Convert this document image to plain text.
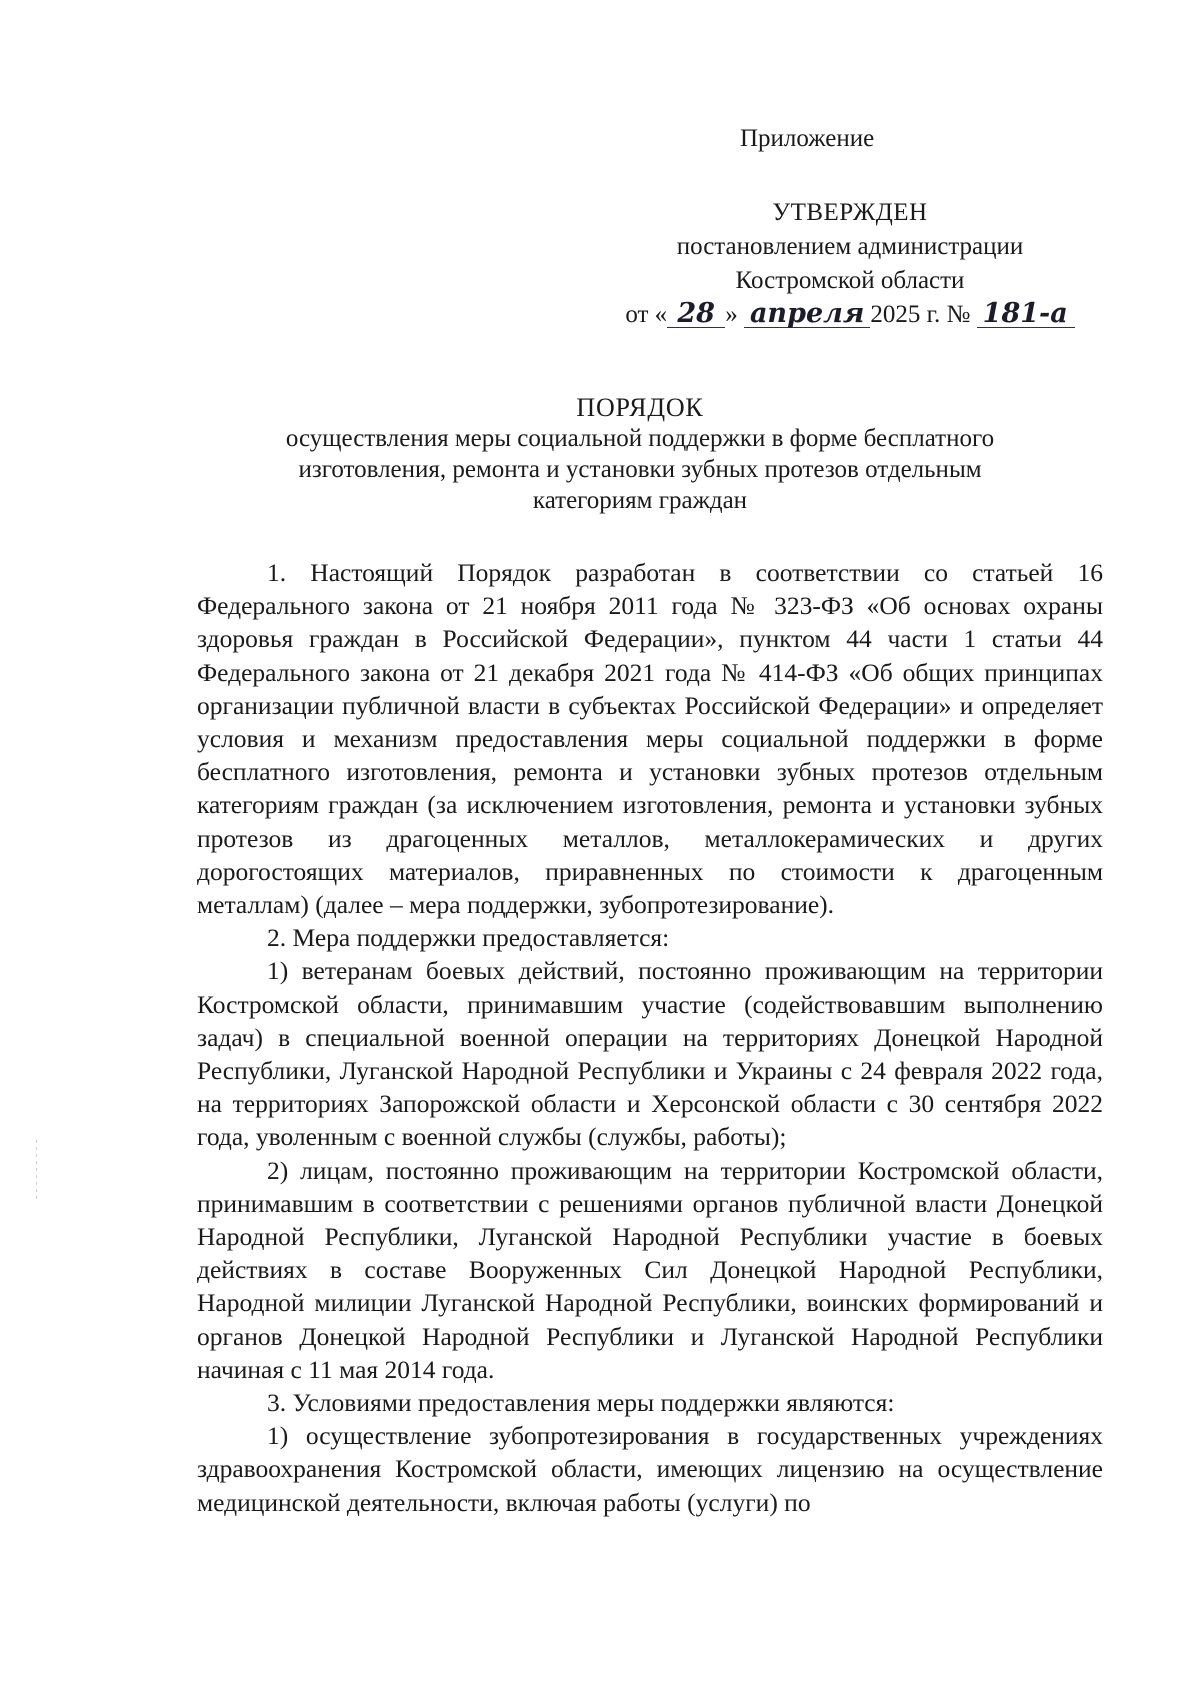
Приложение
УТВЕРЖДЕН
постановлением администрации
Костромской области
от « 28 » апреля 2025 г. № 181-а
ПОРЯДОК
осуществления меры социальной поддержки в форме бесплатного
изготовления, ремонта и установки зубных протезов отдельным
категориям граждан

1. Настоящий Порядок разработан в соответствии со статьей 16 Федерального закона от 21 ноября 2011 года № 323-ФЗ «Об основах охраны здоровья граждан в Российской Федерации», пунктом 44 части 1 статьи 44 Федерального закона от 21 декабря 2021 года № 414-ФЗ «Об общих принципах организации публичной власти в субъектах Российской Федерации» и определяет условия и механизм предоставления меры социальной поддержки в форме бесплатного изготовления, ремонта и установки зубных протезов отдельным категориям граждан (за исключением изготовления, ремонта и установки зубных протезов из драгоценных металлов, металлокерамических и других дорогостоящих материалов, приравненных по стоимости к драгоценным металлам) (далее – мера поддержки, зубопротезирование).

2. Мера поддержки предоставляется:

1) ветеранам боевых действий, постоянно проживающим на территории Костромской области, принимавшим участие (содействовавшим выполнению задач) в специальной военной операции на территориях Донецкой Народной Республики, Луганской Народной Республики и Украины с 24 февраля 2022 года, на территориях Запорожской области и Херсонской области с 30 сентября 2022 года, уволенным с военной службы (службы, работы);

2) лицам, постоянно проживающим на территории Костромской области, принимавшим в соответствии с решениями органов публичной власти Донецкой Народной Республики, Луганской Народной Республики участие в боевых действиях в составе Вооруженных Сил Донецкой Народной Республики, Народной милиции Луганской Народной Республики, воинских формирований и органов Донецкой Народной Республики и Луганской Народной Республики начиная с 11 мая 2014 года.

3. Условиями предоставления меры поддержки являются:

1) осуществление зубопротезирования в государственных учреждениях здравоохранения Костромской области, имеющих лицензию на осуществление медицинской деятельности, включая работы (услуги) по
